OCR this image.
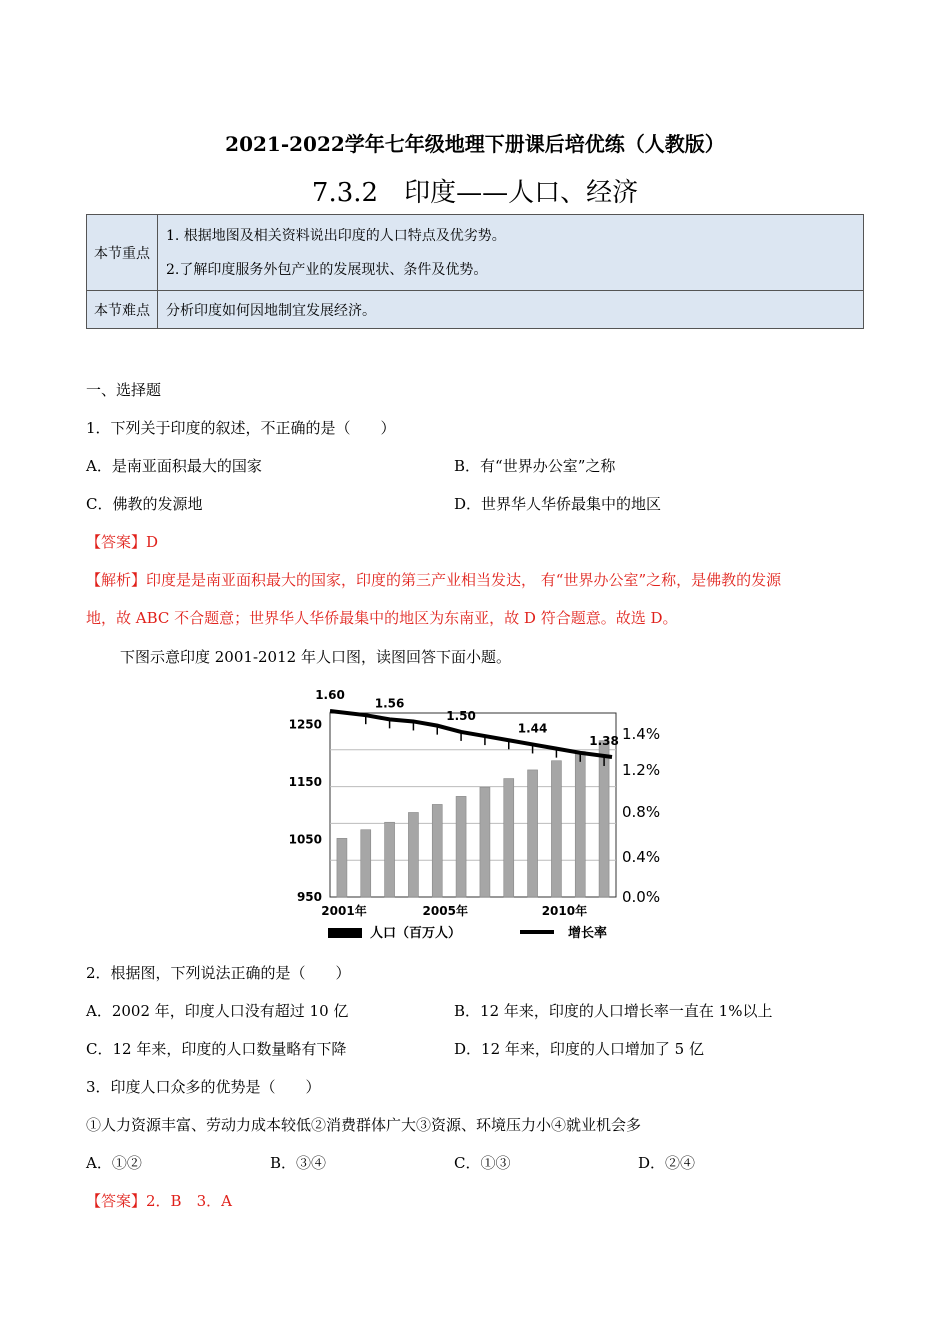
2021-2022学年七年级地理下册课后培优练（人教版）
7.3.2　印度——人口、经济
本节重点	1. 根据地图及相关资料说出印度的人口特点及优劣势。
2.了解印度服务外包产业的发展现状、条件及优势。

本节难点	分析印度如何因地制宜发展经济。
一、选择题
1．下列关于印度的叙述，不正确的是（　　）
A．是南亚面积最大的国家	B．有“世界办公室”之称
C．佛教的发源地	D．世界华人华侨最集中的地区
【答案】D
【解析】印度是是南亚面积最大的国家，印度的第三产业相当发达， 有“世界办公室”之称，是佛教的发源
地，故 ABC 不合题意；世界华人华侨最集中的地区为东南亚，故 D 符合题意。故选 D。
下图示意印度 2001-2012 年人口图，读图回答下面小题。
1.60
1.56
1.50
1.44
1.38
1250
1150
1050
950
1.4%
1.2%
0.8%
0.4%
0.0%
2001年	2005年	2010年
人口（百万人）	增长率
2．根据图，下列说法正确的是（　　）
A．2002 年，印度人口没有超过 10 亿	B．12 年来，印度的人口增长率一直在 1%以上
C．12 年来，印度的人口数量略有下降	D．12 年来，印度的人口增加了 5 亿
3．印度人口众多的优势是（　　）
①人力资源丰富、劳动力成本较低②消费群体广大③资源、环境压力小④就业机会多
A．①②	B．③④	C．①③	D．②④
【答案】2．B　3．A
